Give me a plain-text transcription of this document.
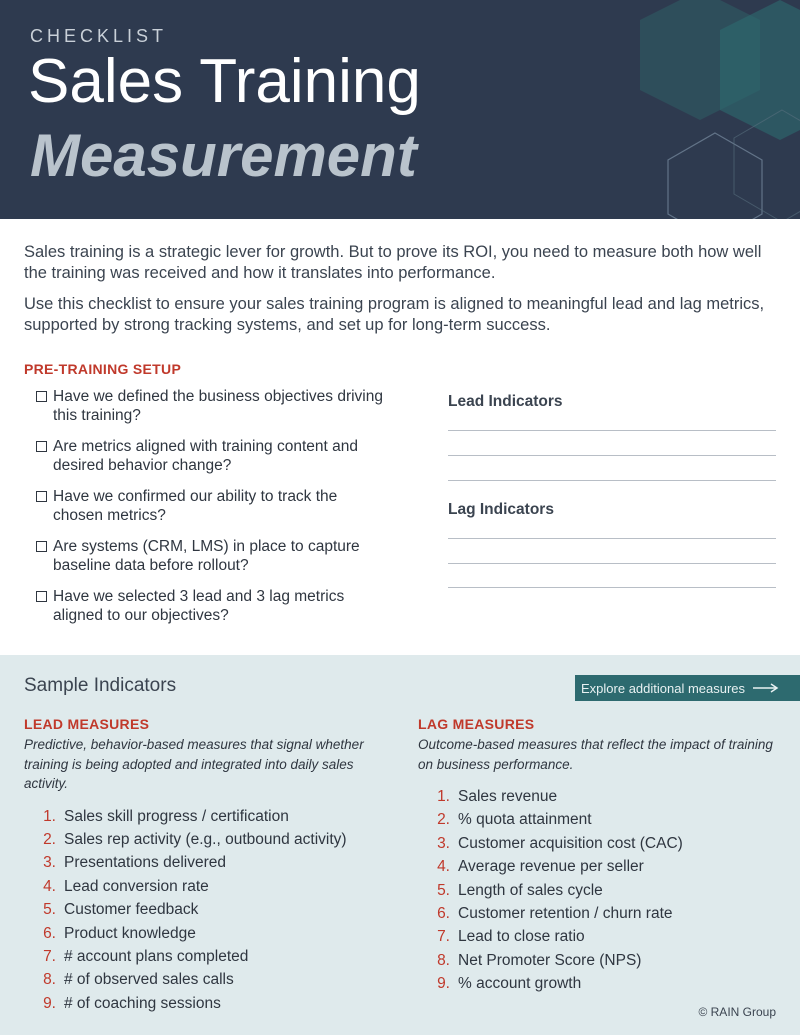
CHECKLIST
Sales Training
Measurement

Sales training is a strategic lever for growth. But to prove its ROI, you need to measure both how well the training was received and how it translates into performance.

Use this checklist to ensure your sales training program is aligned to meaningful lead and lag metrics, supported by strong tracking systems, and set up for long-term success.

PRE-TRAINING SETUP
Have we defined the business objectives driving this training?
Are metrics aligned with training content and desired behavior change?
Have we confirmed our ability to track the chosen metrics?
Are systems (CRM, LMS) in place to capture baseline data before rollout?
Have we selected 3 lead and 3 lag metrics aligned to our objectives?
Lead Indicators
Lag Indicators
Sample Indicators	Explore additional measures
LEAD MEASURES
Predictive, behavior-based measures that signal whether training is being adopted and integrated into daily sales activity.
1. Sales skill progress / certification
2. Sales rep activity (e.g., outbound activity)
3. Presentations delivered
4. Lead conversion rate
5. Customer feedback
6. Product knowledge
7. # account plans completed
8. # of observed sales calls
9. # of coaching sessions
LAG MEASURES
Outcome-based measures that reflect the impact of training on business performance.
1. Sales revenue
2. % quota attainment
3. Customer acquisition cost (CAC)
4. Average revenue per seller
5. Length of sales cycle
6. Customer retention / churn rate
7. Lead to close ratio
8. Net Promoter Score (NPS)
9. % account growth
© RAIN Group
